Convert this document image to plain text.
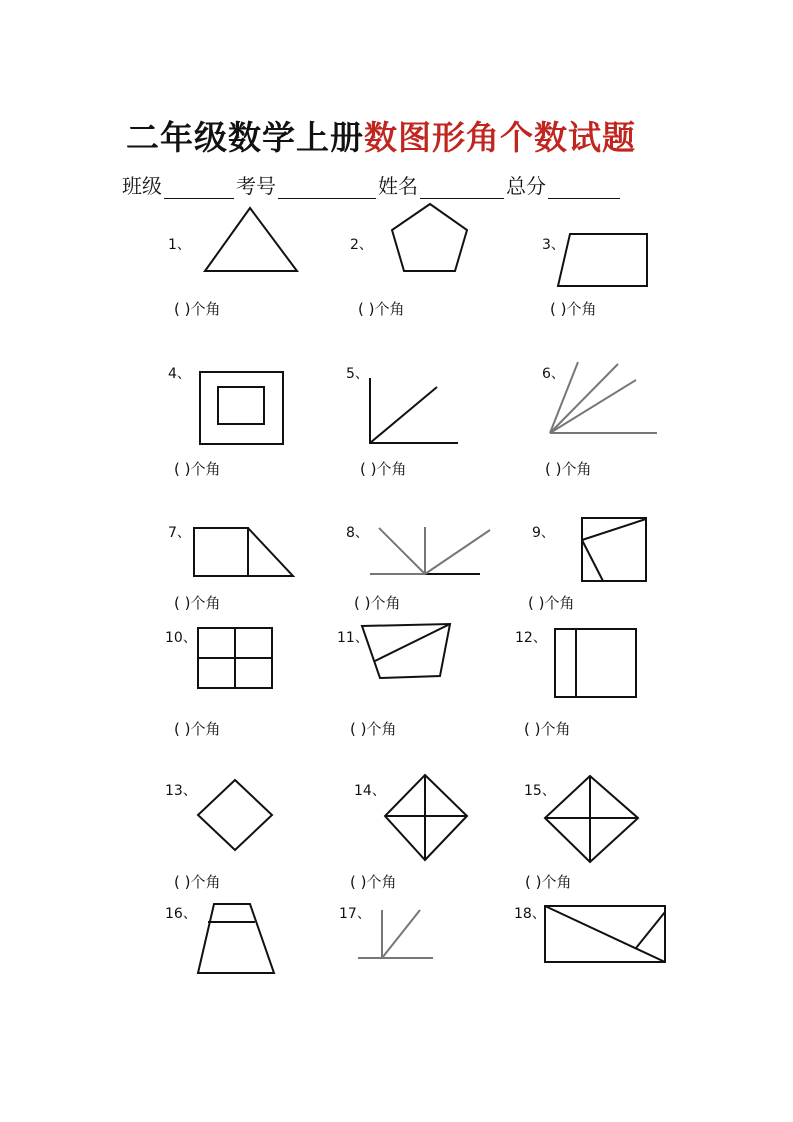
二年级数学上册数图形角个数试题
班级	考号	姓名	总分
1、	2、	3、
4、	5、	6、
7、	8、	9、
10、	11、	12、
13、	14、	15、
16、	17、	18、
( )个角	( )个角	( )个角
( )个角	( )个角	( )个角
( )个角	( )个角	( )个角
( )个角	( )个角	( )个角
( )个角	( )个角	( )个角
